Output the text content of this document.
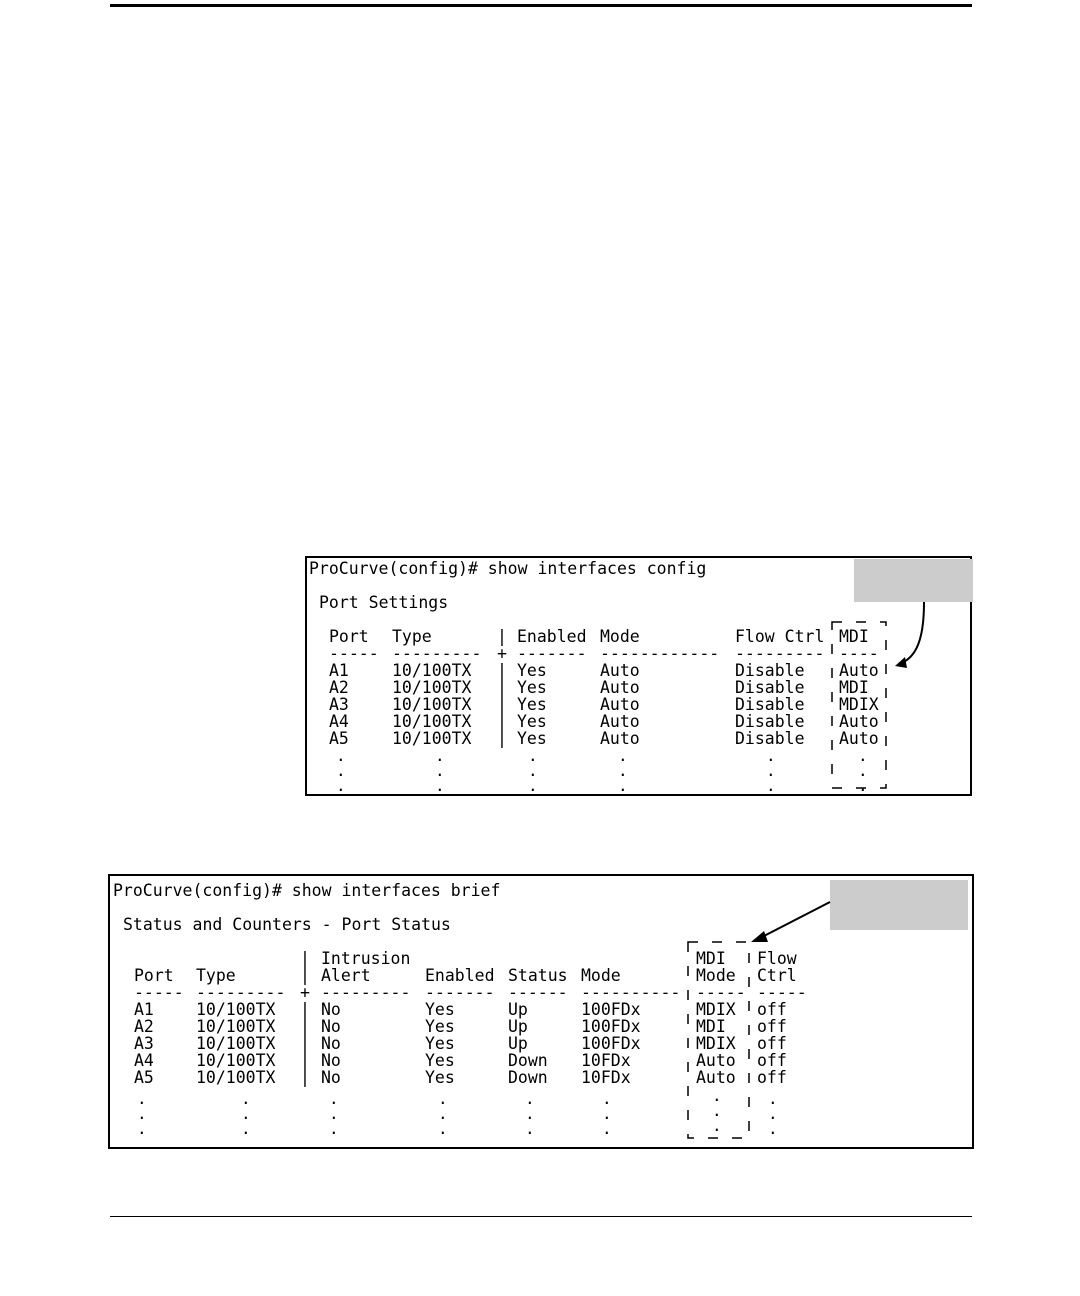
ProCurve(config)# show interfaces config
Port Settings
Port Type	| Enabled Mode	Flow Ctrl MDI
----- --------- + ------- ------------ --------- ----
A1	10/100TX | Yes	Auto	Disable Auto
A2	10/100TX | Yes	Auto	Disable MDI
A3	10/100TX | Yes	Auto	Disable MDIX
A4	10/100TX | Yes	Auto	Disable Auto
A5	10/100TX | Yes	Auto	Disable Auto
.
.
.
.
.
.
.
.
.
.
.
.
.
.
.
.
.
.
ProCurve(config)# show interfaces brief
Status and Counters - Port Status
| Intrusion	MDI Flow
Port Type	| Alert	Enabled Status Mode	Mode Ctrl
----- --------- + --------- ------- ------ ---------- ----- -----
A1	10/100TX | No	Yes	Up	100FDx	MDIX off
A2	10/100TX | No	Yes	Up	100FDx	MDI off
A3	10/100TX | No	Yes	Up	100FDx	MDIX off
A4	10/100TX | No	Yes	Down 10FDx	Auto off
A5	10/100TX | No	Yes	Down 10FDx	Auto off
.
.
.
.
.
.
.
.
.
.
.
.
.
.
.
.
.
.
.
.
.
.
.
.
